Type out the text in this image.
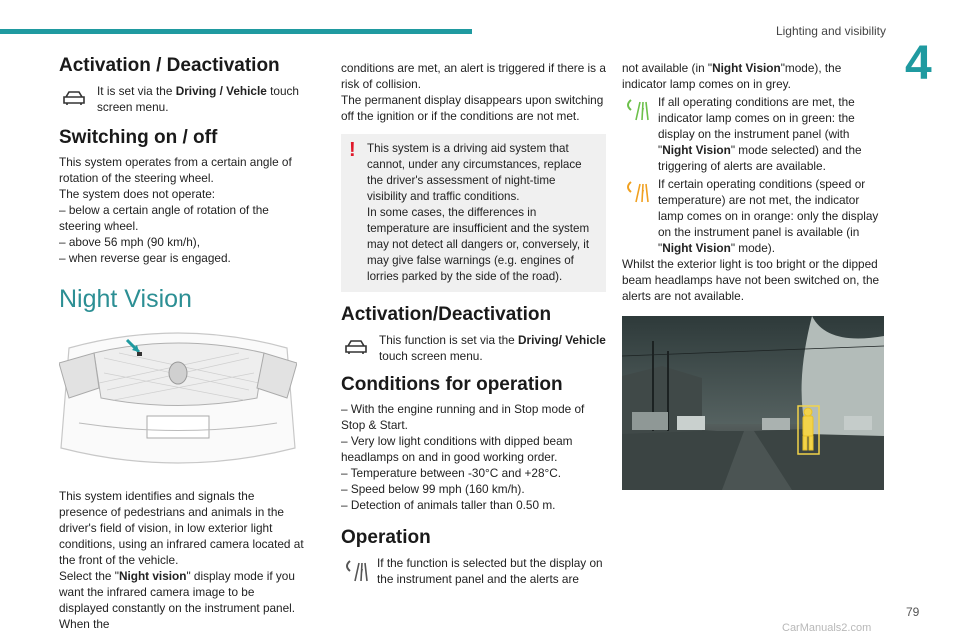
Lighting and visibility
4
Activation / Deactivation

It is set via the Driving / Vehicle touch screen menu.

Switching on / off

This system operates from a certain angle of rotation of the steering wheel.

The system does not operate:

– below a certain angle of rotation of the steering wheel.

– above 56 mph (90 km/h),

– when reverse gear is engaged.

Night Vision

This system identifies and signals the presence of pedestrians and animals in the driver's field of vision, in low exterior light conditions, using an infrared camera located at the front of the vehicle.

Select the "Night vision" display mode if you want the infrared camera image to be displayed constantly on the instrument panel. When the

conditions are met, an alert is triggered if there is a risk of collision.

The permanent display disappears upon switching off the ignition or if the conditions are not met.

! This system is a driving aid system that cannot, under any circumstances, replace the driver's assessment of night-time visibility and traffic conditions.

In some cases, the differences in temperature are insufficient and the system may not detect all dangers or, conversely, it may give false warnings (e.g. engines of lorries parked by the side of the road).

Activation/Deactivation

This function is set via the Driving/ Vehicle touch screen menu.

Conditions for operation

– With the engine running and in Stop mode of Stop & Start.

– Very low light conditions with dipped beam headlamps on and in good working order.

– Temperature between -30°C and +28°C.

– Speed below 99 mph (160 km/h).

– Detection of animals taller than 0.50 m.

Operation

If the function is selected but the display on the instrument panel and the alerts are

not available (in "Night Vision"mode), the indicator lamp comes on in grey.

If all operating conditions are met, the indicator lamp comes on in green: the display on the instrument panel (with "Night Vision" mode selected) and the triggering of alerts are available.

If certain operating conditions (speed or temperature) are not met, the indicator lamp comes on in orange: only the display on the instrument panel is available (in "Night Vision" mode).

Whilst the exterior light is too bright or the dipped beam headlamps have not been switched on, the alerts are not available.

79
CarManuals2.com
